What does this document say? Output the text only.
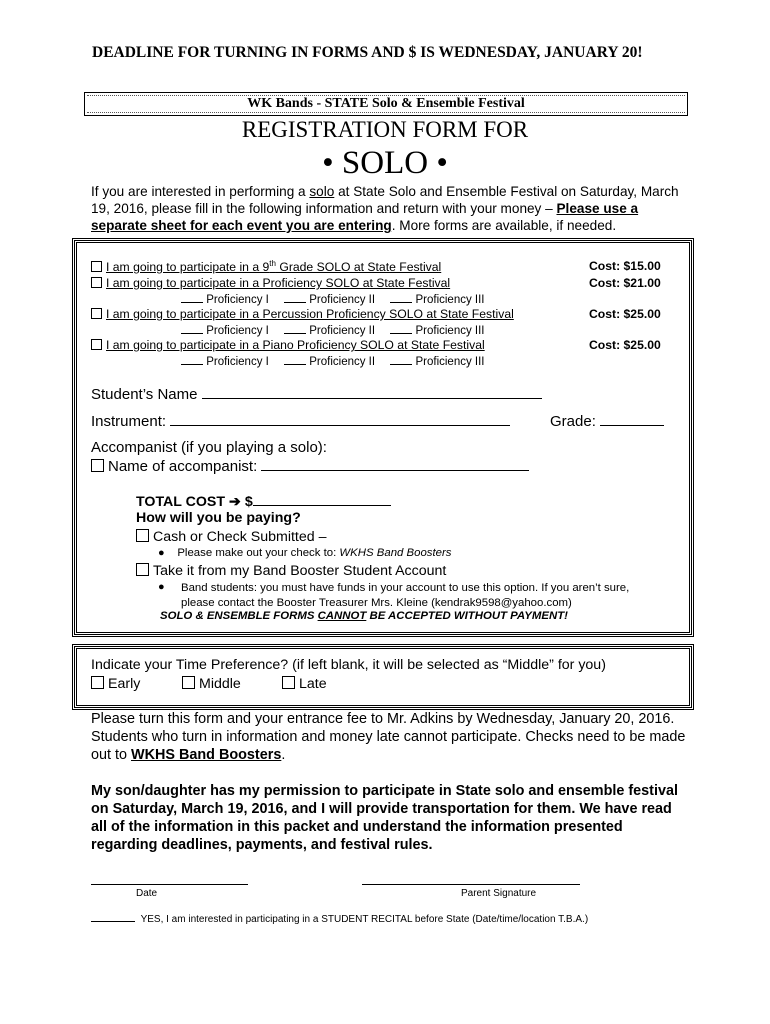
DEADLINE FOR TURNING IN FORMS AND $ IS WEDNESDAY, JANUARY 20!
WK Bands - STATE Solo & Ensemble Festival
REGISTRATION FORM FOR
• SOLO •
If you are interested in performing a solo at State Solo and Ensemble Festival on Saturday, March 19, 2016, please fill in the following information and return with your money – Please use a separate sheet for each event you are entering. More forms are available, if needed.
I am going to participate in a 9th Grade SOLO at State Festival	Cost: $15.00
I am going to participate in a Proficiency SOLO at State Festival	Cost: $21.00
Proficiency I	Proficiency II	Proficiency III
I am going to participate in a Percussion Proficiency SOLO at State Festival	Cost: $25.00
Proficiency I	Proficiency II	Proficiency III
I am going to participate in a Piano Proficiency SOLO at State Festival	Cost: $25.00
Proficiency I	Proficiency II	Proficiency III
Student’s Name
Instrument:	Grade:
Accompanist (if you playing a solo):
Name of accompanist:
TOTAL COST ➔ $
How will you be paying?
Cash or Check Submitted –
● Please make out your check to: WKHS Band Boosters
Take it from my Band Booster Student Account
● Band students: you must have funds in your account to use this option. If you aren’t sure, please contact the Booster Treasurer Mrs. Kleine (kendrak9598@yahoo.com)
SOLO & ENSEMBLE FORMS CANNOT BE ACCEPTED WITHOUT PAYMENT!
Indicate your Time Preference? (if left blank, it will be selected as “Middle” for you)
Early	Middle	Late
Please turn this form and your entrance fee to Mr. Adkins by Wednesday, January 20, 2016. Students who turn in information and money late cannot participate. Checks need to be made out to WKHS Band Boosters.
My son/daughter has my permission to participate in State solo and ensemble festival on Saturday, March 19, 2016, and I will provide transportation for them. We have read all of the information in this packet and understand the information presented regarding deadlines, payments, and festival rules.
Date	Parent Signature
YES, I am interested in participating in a STUDENT RECITAL before State (Date/time/location T.B.A.)
